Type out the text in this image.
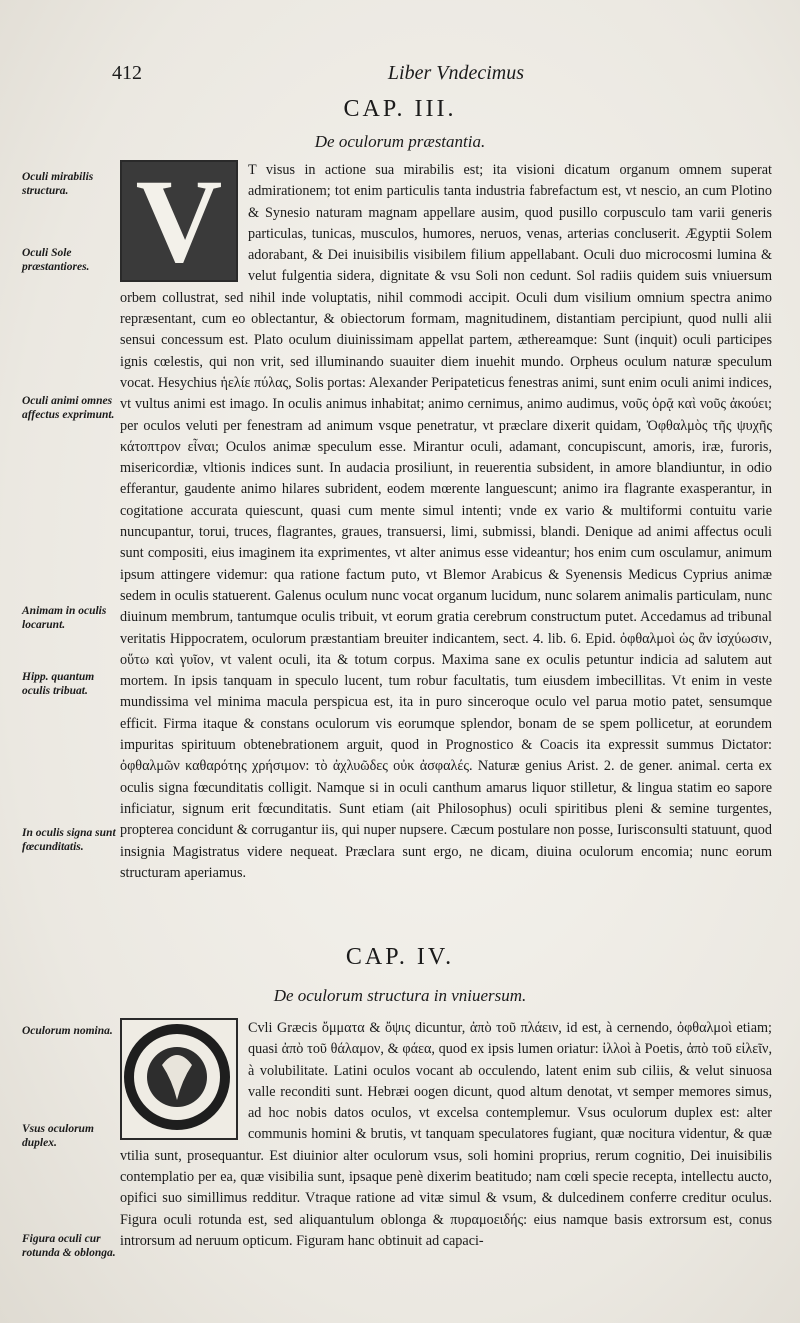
412	Liber Vndecimus
CAP. III.
De oculorum præstantia.
Oculi mirabilis structura.
Oculi Sole præstantiores.
Oculi animi omnes affectus exprimunt.
Animam in oculis locarunt.
Hipp. quantum oculis tribuat.
In oculis signa sunt fœcunditatis.
V	T visus in actione sua mirabilis est; ita visioni dicatum organum omnem superat admirationem; tot enim particulis tanta industria fabrefactum est, vt nescio, an cum Plotino & Synesio naturam magnam appellare ausim, quod pusillo corpusculo tam varii generis particulas, tunicas, musculos, humores, neruos, venas, arterias concluserit. Ægyptii Solem adorabant, & Dei inuisibilis visibilem filium appellabant. Oculi duo microcosmi lumina & velut fulgentia sidera, dignitate & vsu Soli non cedunt. Sol radiis quidem suis vniuersum orbem collustrat, sed nihil inde voluptatis, nihil commodi accipit. Oculi dum visilium omnium spectra animo repræsentant, cum eo oblectantur, & obiectorum formam, magnitudinem, distantiam percipiunt, quod nulli alii sensui concessum est. Plato oculum diuinissimam appellat partem, æthereamque: Sunt (inquit) oculi participes ignis cœlestis, qui non vrit, sed illuminando suauiter diem inuehit mundo. Orpheus oculum naturæ speculum vocat. Hesychius ἡελίε πύλας, Solis portas: Alexander Peripateticus fenestras animi, sunt enim oculi animi indices, vt vultus animi est imago. In oculis animus inhabitat; animo cernimus, animo audimus, νοῦς ὁρᾷ καὶ νοῦς ἀκούει; per oculos veluti per fenestram ad animum vsque penetratur, vt præclare dixerit quidam, Ὀφθαλμὸς τῆς ψυχῆς κάτοπτρον εἶναι; Oculos animæ speculum esse. Mirantur oculi, adamant, concupiscunt, amoris, iræ, furoris, misericordiæ, vltionis indices sunt. In audacia prosiliunt, in reuerentia subsident, in amore blandiuntur, in odio efferantur, gaudente animo hilares subrident, eodem mœrente languescunt; animo ira flagrante exasperantur, in cogitatione accurata quiescunt, quasi cum mente simul intenti; vnde ex vario & multiformi contuitu varie nuncupantur, torui, truces, flagrantes, graues, transuersi, limi, submissi, blandi. Denique ad animi affectus oculi sunt compositi, eius imaginem ita exprimentes, vt alter animus esse videantur; hos enim cum osculamur, animum ipsum attingere videmur: qua ratione factum puto, vt Blemor Arabicus & Syenensis Medicus Cyprius animæ sedem in oculis statuerent. Galenus oculum nunc vocat organum lucidum, nunc solarem animalis particulam, nunc diuinum membrum, tantumque oculis tribuit, vt eorum gratia cerebrum constructum putet. Accedamus ad tribunal veritatis Hippocratem, oculorum præstantiam breuiter indicantem, sect. 4. lib. 6. Epid. ὀφθαλμοὶ ὡς ἂν ἰσχύωσιν, οὕτω καὶ γυῖον, vt valent oculi, ita & totum corpus. Maxima sane ex oculis petuntur indicia ad salutem aut mortem. In ipsis tanquam in speculo lucent, tum robur facultatis, tum eiusdem imbecillitas. Vt enim in veste mundissima vel minima macula perspicua est, ita in puro sinceroque oculo vel parua motio patet, sensumque efficit. Firma itaque & constans oculorum vis eorumque splendor, bonam de se spem pollicetur, at eorundem impuritas spirituum obtenebrationem arguit, quod in Prognostico & Coacis ita expressit summus Dictator: ὀφθαλμῶν καθαρότης χρήσιμον: τὸ ἀχλυῶδες οὐκ ἀσφαλές. Naturæ genius Arist. 2. de gener. animal. certa ex oculis signa fœcunditatis colligit. Namque si in oculi canthum amarus liquor stilletur, & lingua statim eo sapore inficiatur, signum erit fœcunditatis. Sunt etiam (ait Philosophus) oculi spiritibus pleni & semine turgentes, propterea concidunt & corrugantur iis, qui nuper nupsere. Cæcum postulare non posse, Iurisconsulti statuunt, quod insignia Magistratus videre nequeat. Præclara sunt ergo, ne dicam, diuina oculorum encomia; nunc eorum structuram aperiamus.

CAP. IV.
De oculorum structura in vniuersum.
Oculorum nomina.
Vsus oculorum duplex.
Figura oculi cur rotunda & oblonga.

Cvli Græcis ὄμματα & ὄψις dicuntur, ἀπὸ τοῦ πλάειν, id est, à cernendo, ὀφθαλμοὶ etiam; quasi ἀπὸ τοῦ θάλαμον, & φάεα, quod ex ipsis lumen oriatur: ἰλλοὶ à Poetis, ἀπὸ τοῦ εἰλεῖν, à volubilitate. Latini oculos vocant ab occulendo, latent enim sub ciliis, & velut sinuosa valle reconditi sunt. Hebræi oogen dicunt, quod altum denotat, vt semper memores simus, ad hoc nobis datos oculos, vt excelsa contemplemur. Vsus oculorum duplex est: alter communis homini & brutis, vt tanquam speculatores fugiant, quæ nocitura videntur, & quæ vtilia sunt, prosequantur. Est diuinior alter oculorum vsus, soli homini proprius, rerum cognitio, Dei inuisibilis contemplatio per ea, quæ visibilia sunt, ipsaque penè dixerim beatitudo; nam cœli specie recepta, intellectu aucto, opifici suo simillimus redditur. Vtraque ratione ad vitæ simul & vsum, & dulcedinem conferre creditur oculus. Figura oculi rotunda est, sed aliquantulum oblonga & πυραμοειδής: eius namque basis extrorsum est, conus introrsum ad neruum opticum. Figuram hanc obtinuit ad capaci-
